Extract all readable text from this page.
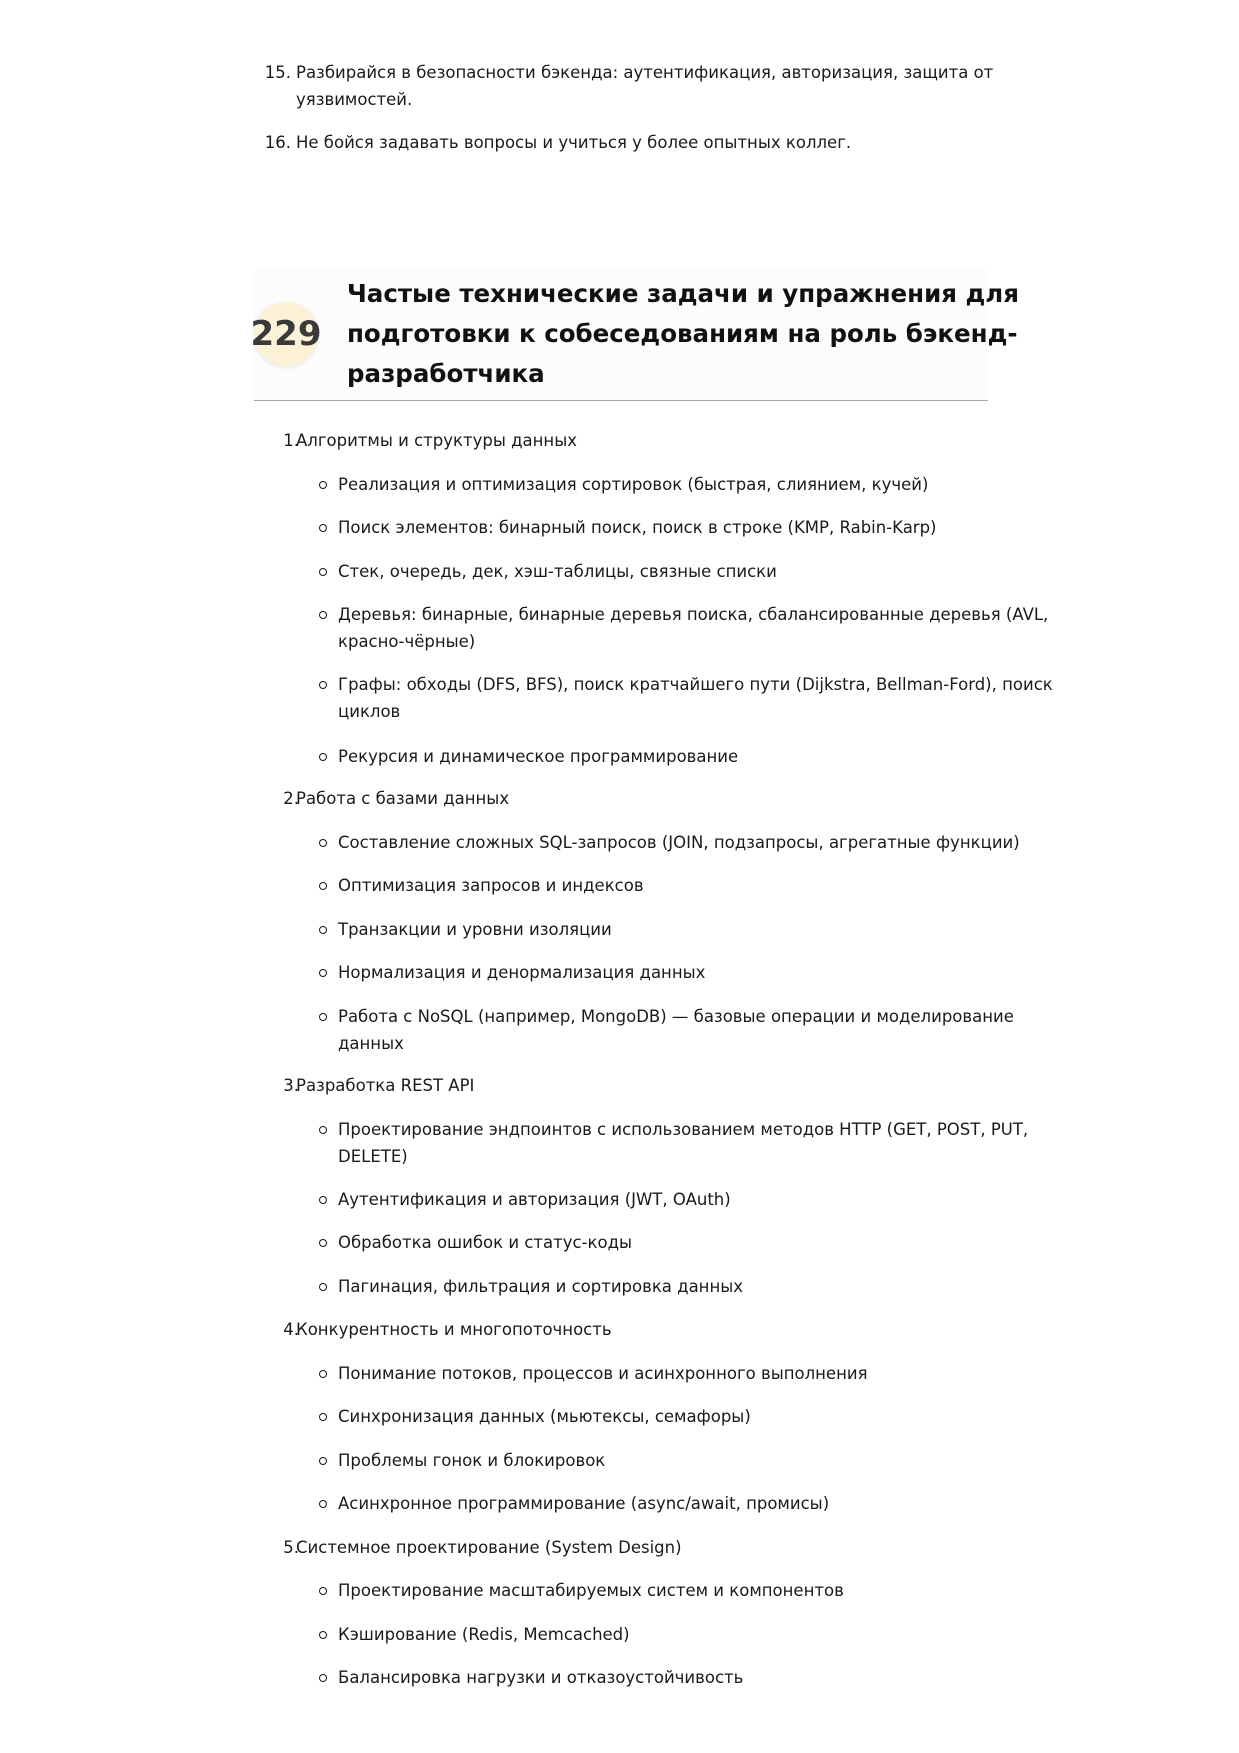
15. Разбирайся в безопасности бэкенда: аутентификация, авторизация, защита от
уязвимостей.
16. Не бойся задавать вопросы и учиться у более опытных коллег.
229
Частые технические задачи и упражнения для
подготовки к собеседованиям на роль бэкенд-
разработчика
1.
Алгоритмы и структуры данных
Реализация и оптимизация сортировок (быстрая, слиянием, кучей)
Поиск элементов: бинарный поиск, поиск в строке (KMP, Rabin-Karp)
Стек, очередь, дек, хэш-таблицы, связные списки
Деревья: бинарные, бинарные деревья поиска, сбалансированные деревья (AVL,
красно-чёрные)
Графы: обходы (DFS, BFS), поиск кратчайшего пути (Dijkstra, Bellman-Ford), поиск
циклов
Рекурсия и динамическое программирование
2.
Работа с базами данных
Составление сложных SQL-запросов (JOIN, подзапросы, агрегатные функции)
Оптимизация запросов и индексов
Транзакции и уровни изоляции
Нормализация и денормализация данных
Работа с NoSQL (например, MongoDB) — базовые операции и моделирование
данных
3.
Разработка REST API
Проектирование эндпоинтов с использованием методов HTTP (GET, POST, PUT,
DELETE)
Аутентификация и авторизация (JWT, OAuth)
Обработка ошибок и статус-коды
Пагинация, фильтрация и сортировка данных
4.
Конкурентность и многопоточность
Понимание потоков, процессов и асинхронного выполнения
Синхронизация данных (мьютексы, семафоры)
Проблемы гонок и блокировок
Асинхронное программирование (async/await, промисы)
5.
Системное проектирование (System Design)
Проектирование масштабируемых систем и компонентов
Кэширование (Redis, Memcached)
Балансировка нагрузки и отказоустойчивость
